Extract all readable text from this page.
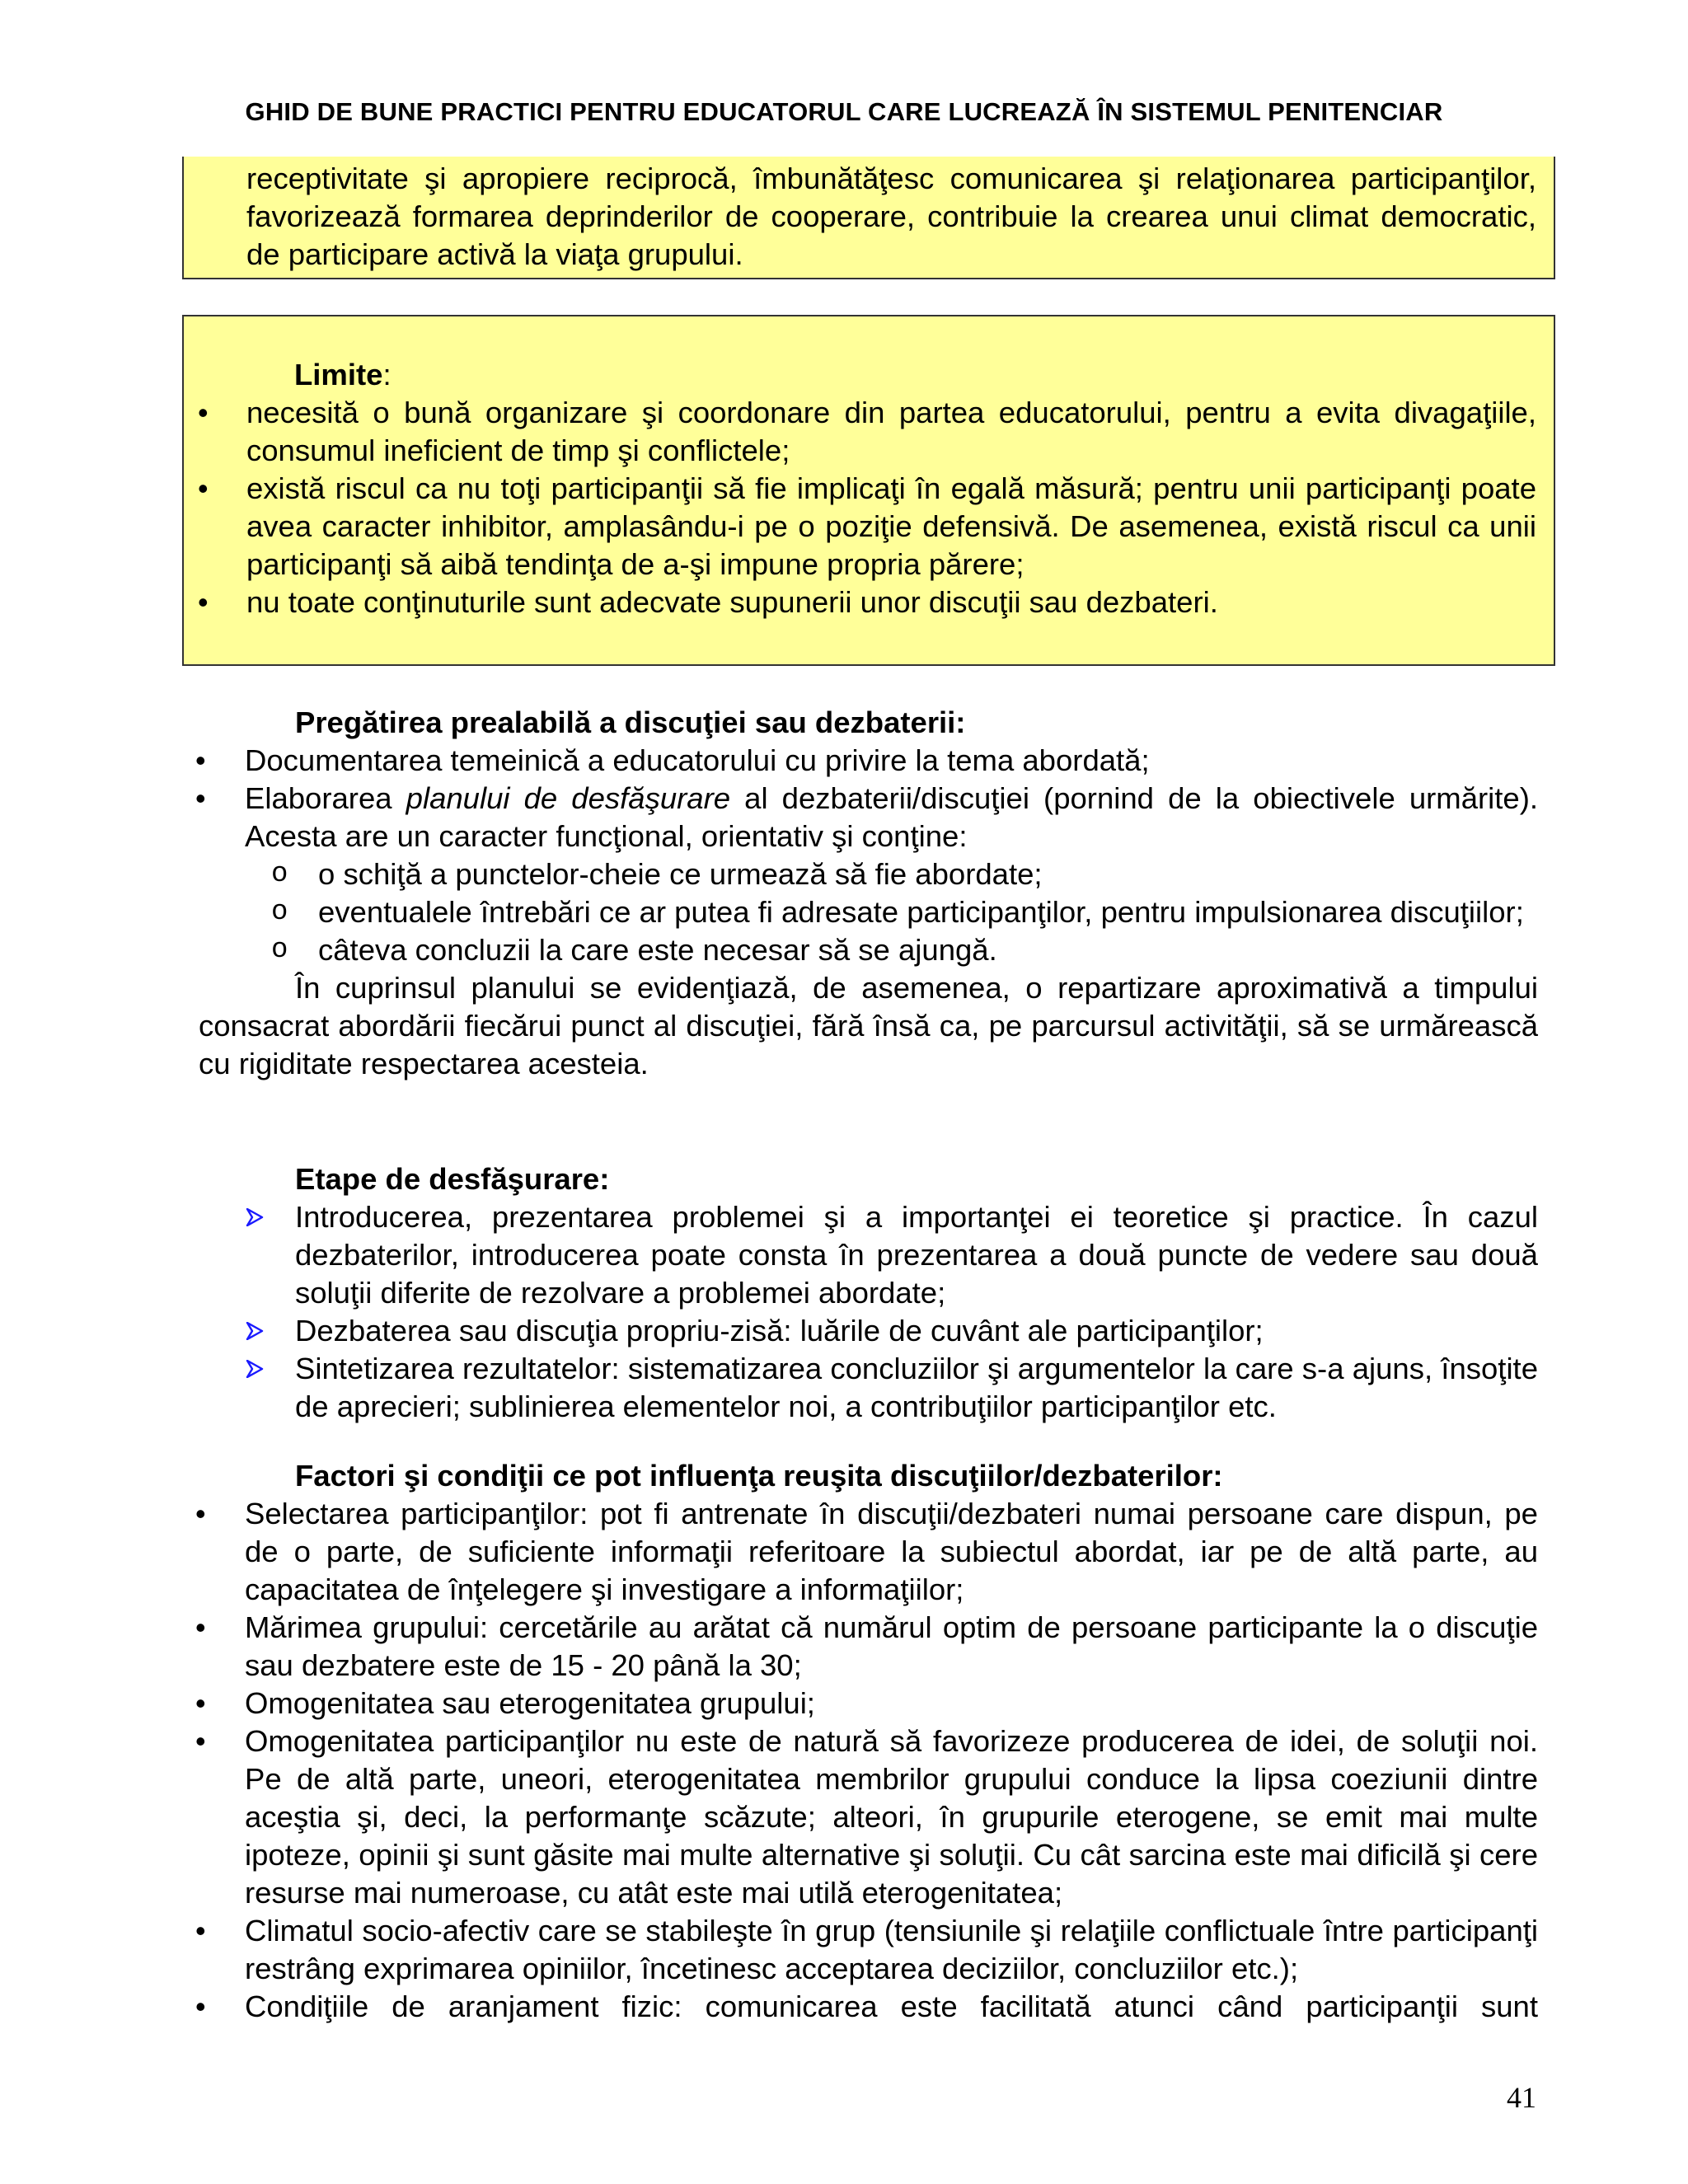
GHID DE BUNE PRACTICI PENTRU EDUCATORUL CARE LUCREAZĂ ÎN SISTEMUL PENITENCIAR
receptivitate şi apropiere reciprocă, îmbunătăţesc comunicarea şi relaţionarea participanţilor, favorizează formarea deprinderilor de cooperare, contribuie la crearea unui climat democratic, de participare activă la viaţa grupului.
Limite:
• necesită o bună organizare şi coordonare din partea educatorului, pentru a evita divagaţiile, consumul ineficient de timp şi conflictele;
• există riscul ca nu toţi participanţii să fie implicaţi în egală măsură; pentru unii participanţi poate avea caracter inhibitor, amplasându-i pe o poziţie defensivă. De asemenea, există riscul ca unii participanţi să aibă tendinţa de a-şi impune propria părere;
• nu toate conţinuturile sunt adecvate supunerii unor discuţii sau dezbateri.
Pregătirea prealabilă a discuţiei sau dezbaterii:
• Documentarea temeinică a educatorului cu privire la tema abordată;
• Elaborarea planului de desfăşurare al dezbaterii/discuţiei (pornind de la obiectivele urmărite). Acesta are un caracter funcţional, orientativ şi conţine:
o o schiţă a punctelor-cheie ce urmează să fie abordate;
o eventualele întrebări ce ar putea fi adresate participanţilor, pentru impulsionarea discuţiilor;
o câteva concluzii la care este necesar să se ajungă.
În cuprinsul planului se evidenţiază, de asemenea, o repartizare aproximativă a timpului consacrat abordării fiecărui punct al discuţiei, fără însă ca, pe parcursul activităţii, să se urmărească cu rigiditate respectarea acesteia.
Etape de desfăşurare:
Introducerea, prezentarea problemei şi a importanţei ei teoretice şi practice. În cazul dezbaterilor, introducerea poate consta în prezentarea a două puncte de vedere sau două soluţii diferite de rezolvare a problemei abordate;
Dezbaterea sau discuţia propriu-zisă: luările de cuvânt ale participanţilor;
Sintetizarea rezultatelor: sistematizarea concluziilor şi argumentelor la care s-a ajuns, însoţite de aprecieri; sublinierea elementelor noi, a contribuţiilor participanţilor etc.
Factori şi condiţii ce pot influenţa reuşita discuţiilor/dezbaterilor:
• Selectarea participanţilor: pot fi antrenate în discuţii/dezbateri numai persoane care dispun, pe de o parte, de suficiente informaţii referitoare la subiectul abordat, iar pe de altă parte, au capacitatea de înţelegere şi investigare a informaţiilor;
• Mărimea grupului: cercetările au arătat că numărul optim de persoane participante la o discuţie sau dezbatere este de 15 - 20 până la 30;
• Omogenitatea sau eterogenitatea grupului;
• Omogenitatea participanţilor nu este de natură să favorizeze producerea de idei, de soluţii noi. Pe de altă parte, uneori, eterogenitatea membrilor grupului conduce la lipsa coeziunii dintre aceştia şi, deci, la performanţe scăzute; alteori, în grupurile eterogene, se emit mai multe ipoteze, opinii şi sunt găsite mai multe alternative şi soluţii. Cu cât sarcina este mai dificilă şi cere resurse mai numeroase, cu atât este mai utilă eterogenitatea;
• Climatul socio-afectiv care se stabileşte în grup (tensiunile şi relaţiile conflictuale între participanţi restrâng exprimarea opiniilor, încetinesc acceptarea deciziilor, concluziilor etc.);
• Condiţiile de aranjament fizic: comunicarea este facilitată atunci când participanţii sunt
41
